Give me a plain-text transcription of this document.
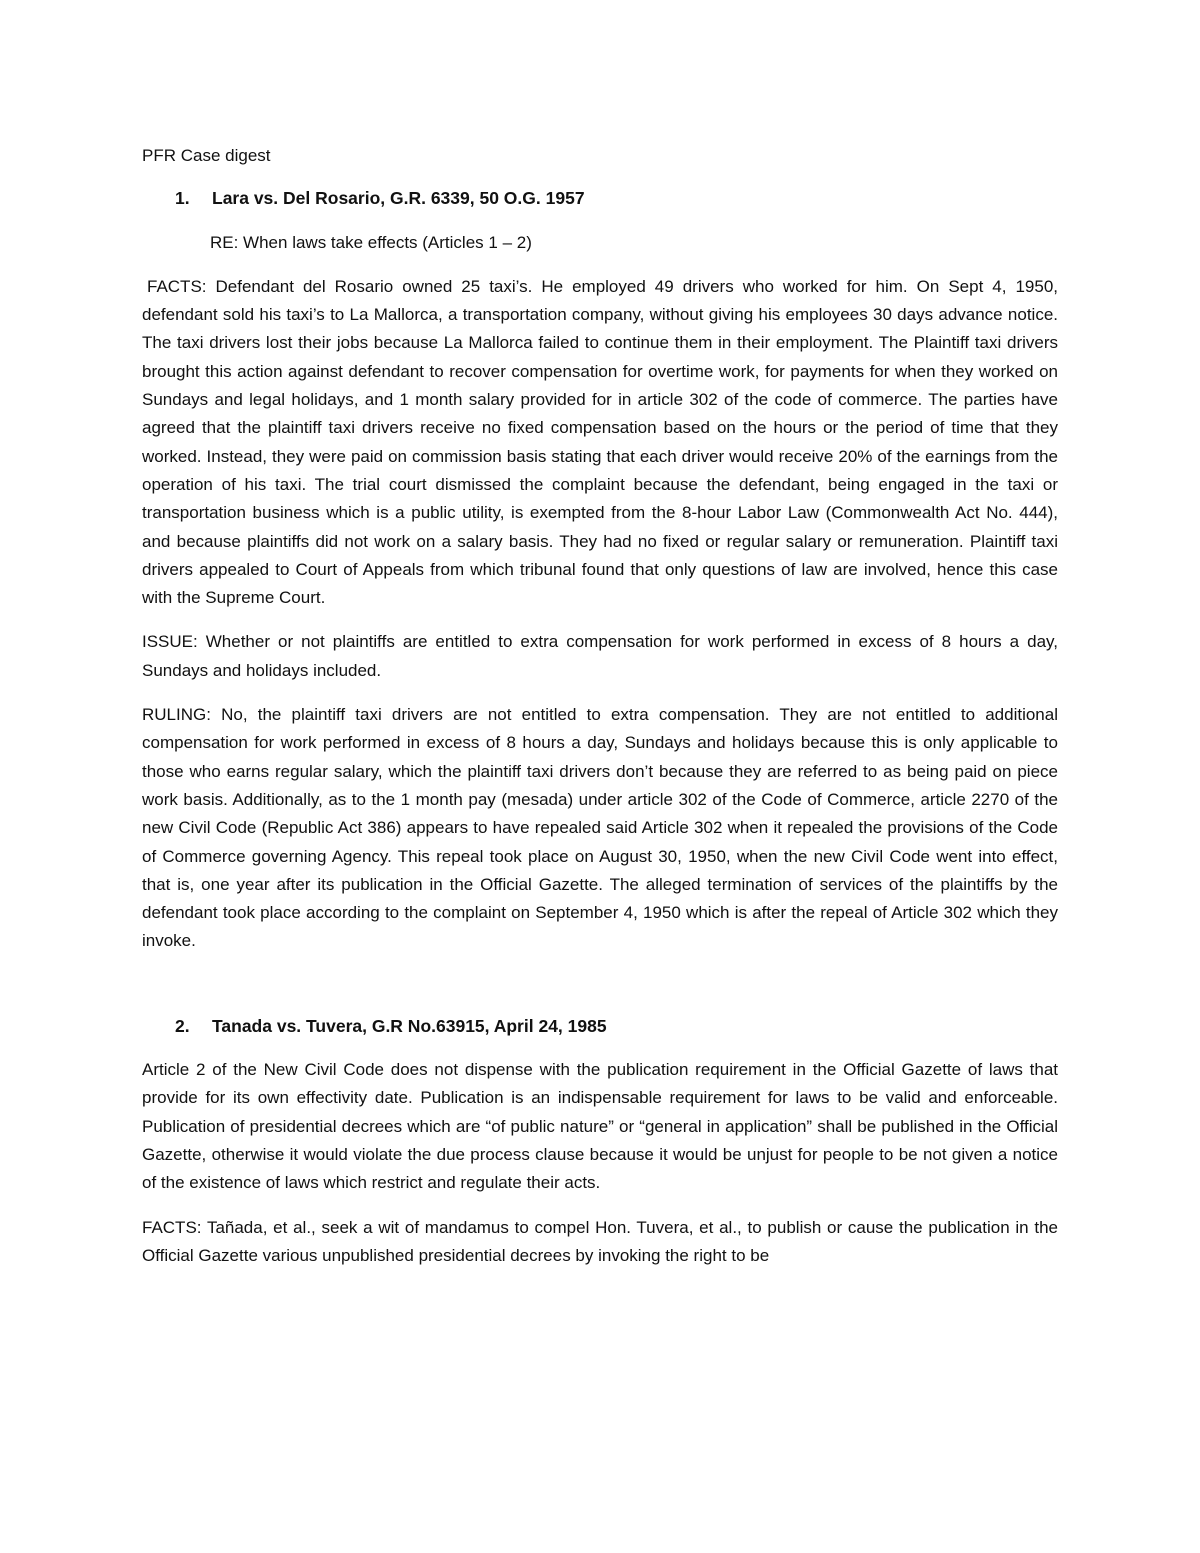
PFR Case digest
1.	Lara vs. Del Rosario, G.R. 6339, 50 O.G. 1957
RE: When laws take effects (Articles 1 – 2)

FACTS: Defendant del Rosario owned 25 taxi’s. He employed 49 drivers who worked for him. On Sept 4, 1950, defendant sold his taxi’s to La Mallorca, a transportation company, without giving his employees 30 days advance notice. The taxi drivers lost their jobs because La Mallorca failed to continue them in their employment. The Plaintiff taxi drivers brought this action against defendant to recover compensation for overtime work, for payments for when they worked on Sundays and legal holidays, and 1 month salary provided for in article 302 of the code of commerce. The parties have agreed that the plaintiff taxi drivers receive no fixed compensation based on the hours or the period of time that they worked. Instead, they were paid on commission basis stating that each driver would receive 20% of the earnings from the operation of his taxi. The trial court dismissed the complaint because the defendant, being engaged in the taxi or transportation business which is a public utility, is exempted from the 8-hour Labor Law (Commonwealth Act No. 444), and because plaintiffs did not work on a salary basis. They had no fixed or regular salary or remuneration. Plaintiff taxi drivers appealed to Court of Appeals from which tribunal found that only questions of law are involved, hence this case with the Supreme Court.

ISSUE: Whether or not plaintiffs are entitled to extra compensation for work performed in excess of 8 hours a day, Sundays and holidays included.

RULING: No, the plaintiff taxi drivers are not entitled to extra compensation. They are not entitled to additional compensation for work performed in excess of 8 hours a day, Sundays and holidays because this is only applicable to those who earns regular salary, which the plaintiff taxi drivers don’t because they are referred to as being paid on piece work basis. Additionally, as to the 1 month pay (mesada) under article 302 of the Code of Commerce, article 2270 of the new Civil Code (Republic Act 386) appears to have repealed said Article 302 when it repealed the provisions of the Code of Commerce governing Agency. This repeal took place on August 30, 1950, when the new Civil Code went into effect, that is, one year after its publication in the Official Gazette. The alleged termination of services of the plaintiffs by the defendant took place according to the complaint on September 4, 1950 which is after the repeal of Article 302 which they invoke.

2.	Tanada vs. Tuvera, G.R No.63915, April 24, 1985

Article 2 of the New Civil Code does not dispense with the publication requirement in the Official Gazette of laws that provide for its own effectivity date. Publication is an indispensable requirement for laws to be valid and enforceable. Publication of presidential decrees which are “of public nature” or “general in application” shall be published in the Official Gazette, otherwise it would violate the due process clause because it would be unjust for people to be not given a notice of the existence of laws which restrict and regulate their acts.

FACTS: Tañada, et al., seek a wit of mandamus to compel Hon. Tuvera, et al., to publish or cause the publication in the Official Gazette various unpublished presidential decrees by invoking the right to be
